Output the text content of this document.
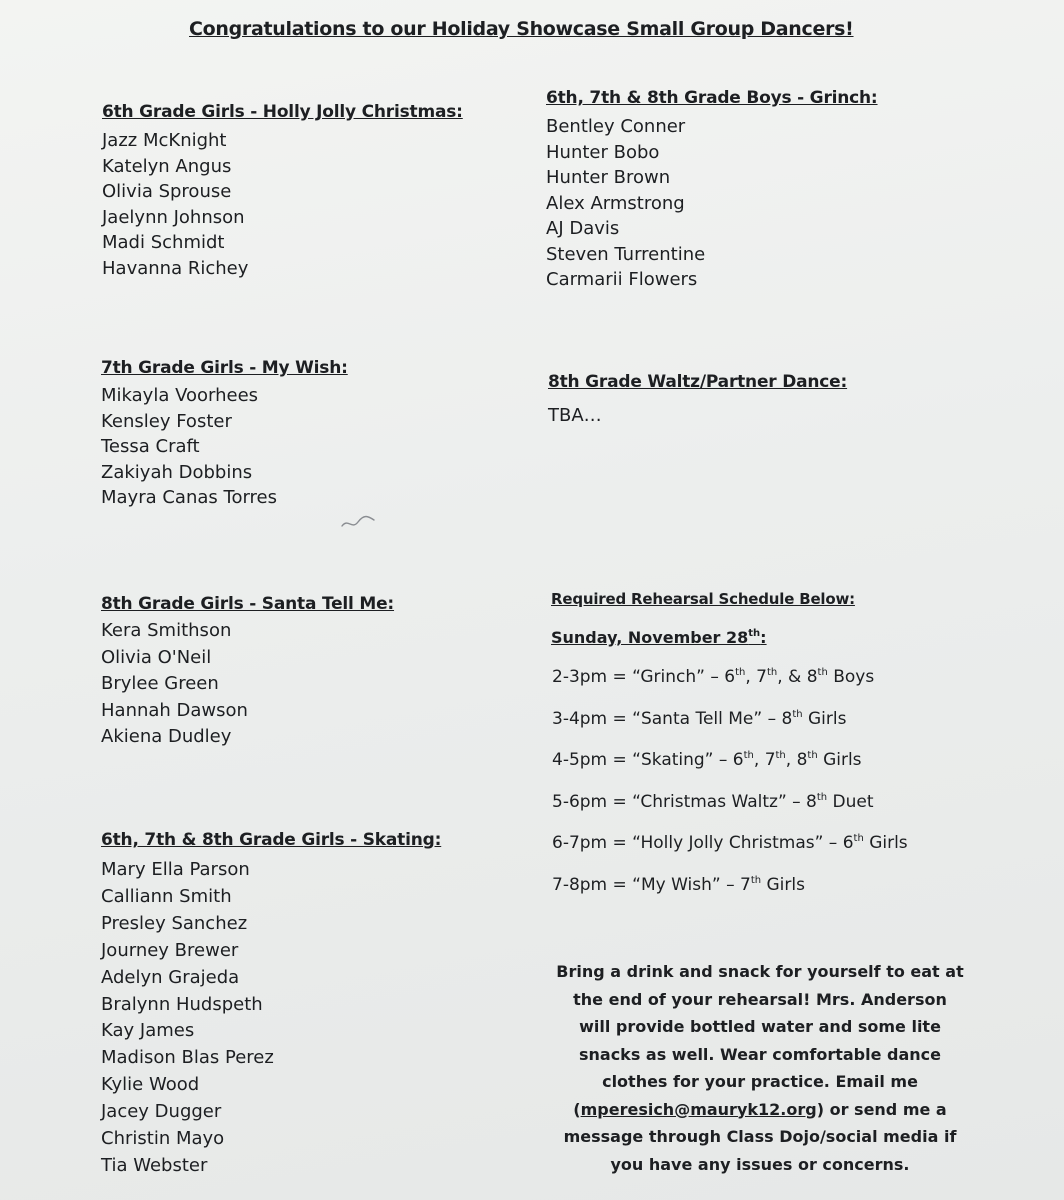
Congratulations to our Holiday Showcase Small Group Dancers!
6th Grade Girls - Holly Jolly Christmas:
Jazz McKnight
Katelyn Angus
Olivia Sprouse
Jaelynn Johnson
Madi Schmidt
Havanna Richey
7th Grade Girls - My Wish:
Mikayla Voorhees
Kensley Foster
Tessa Craft
Zakiyah Dobbins
Mayra Canas Torres
8th Grade Girls - Santa Tell Me:
Kera Smithson
Olivia O'Neil
Brylee Green
Hannah Dawson
Akiena Dudley
6th, 7th & 8th Grade Girls - Skating:
Mary Ella Parson
Calliann Smith
Presley Sanchez
Journey Brewer
Adelyn Grajeda
Bralynn Hudspeth
Kay James
Madison Blas Perez
Kylie Wood
Jacey Dugger
Christin Mayo
Tia Webster
6th, 7th & 8th Grade Boys - Grinch:
Bentley Conner
Hunter Bobo
Hunter Brown
Alex Armstrong
AJ Davis
Steven Turrentine
Carmarii Flowers
8th Grade Waltz/Partner Dance:
TBA…
Required Rehearsal Schedule Below:
Sunday, November 28th:
2-3pm = “Grinch” – 6th, 7th, & 8th Boys
3-4pm = “Santa Tell Me” – 8th Girls
4-5pm = “Skating” – 6th, 7th, 8th Girls
5-6pm = “Christmas Waltz” – 8th Duet
6-7pm = “Holly Jolly Christmas” – 6th Girls
7-8pm = “My Wish” – 7th Girls
Bring a drink and snack for yourself to eat at the end of your rehearsal! Mrs. Anderson will provide bottled water and some lite snacks as well. Wear comfortable dance clothes for your practice. Email me (mperesich@mauryk12.org) or send me a message through Class Dojo/social media if you have any issues or concerns.
